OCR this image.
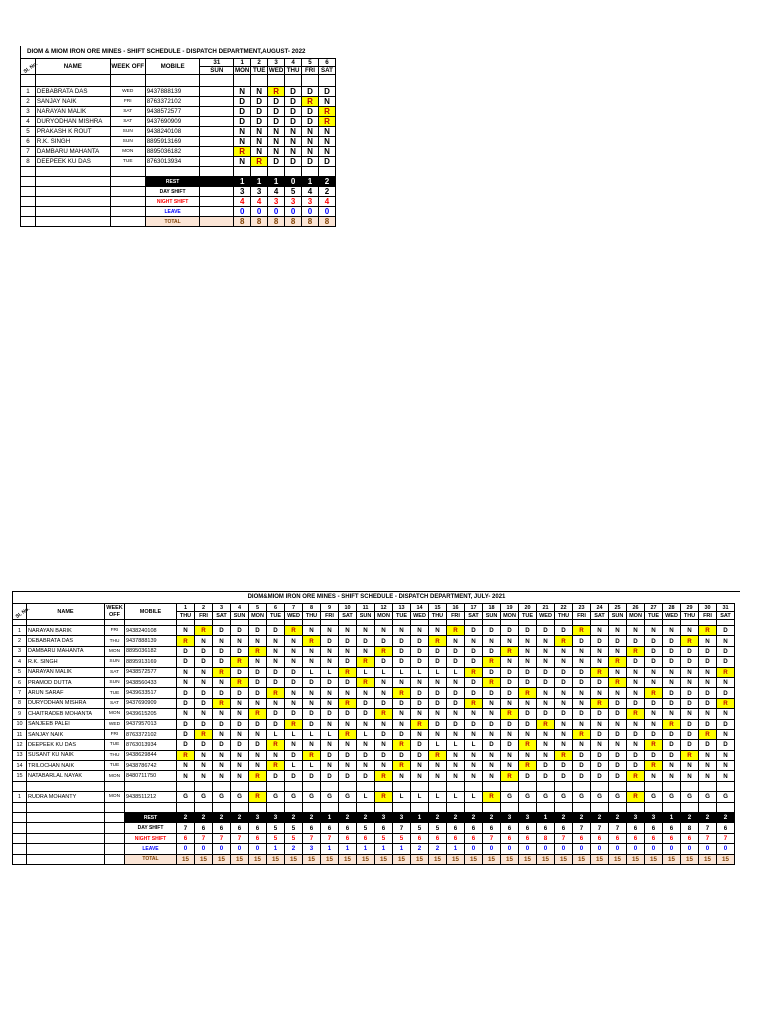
DIOM & MIOM IRON ORE MINES - SHIFT SCHEDULE - DISPATCH DEPARTMENT,AUGUST- 2022
Sl. No.	NAME	WEEK OFF	MOBILE	31	1	2	3	4	5	6
				SUN	MON	TUE	WED	THU	FRI	SAT

1	DEBABRATA DAS	WED	9437888139		N	N	R	D	D	D
2	SANJAY NAIK	FRI	8763372102		D	D	D	D	R	N
3	NARAYAN MALIK	SAT	9438572577		D	D	D	D	D	R
4	DURYODHAN MISHRA	SAT	9437690909		D	D	D	D	D	R
5	PRAKASH K ROUT	SUN	9438240108		N	N	N	N	N	N
6	R.K. SINGH	SUN	8895913169		N	N	N	N	N	N
7	DAMBARU MAHANTA	MON	8895036182		R	N	N	N	N	N
8	DEEPEEK KU DAS	TUE	8763013934		N	R	D	D	D	D

			REST		1	1	1	0	1	2
			DAY SHIFT		3	3	4	5	4	2
			NIGHT SHIFT		4	4	3	3	3	4
			LEAVE		0	0	0	0	0	0
			TOTAL		8	8	8	8	8	8
DIOM&MIOM IRON ORE MINES - SHIFT SCHEDULE - DISPATCH DEPARTMENT, JULY- 2021
Sl. No.	NAME	WEEK OFF	MOBILE	1	2	3	4	5	6	7	8	9	10	11	12	13	14	15	16	17	18	19	20	21	22	23	24	25	26	27	28	29	30	31
				THU	FRI	SAT	SUN	MON	TUE	WED	THU	FRI	SAT	SUN	MON	TUE	WED	THU	FRI	SAT	SUN	MON	TUE	WED	THU	FRI	SAT	SUN	MON	TUE	WED	THU	FRI	SAT

1	NARAYAN BARIK	FRI	9438240108	N	R	D	D	D	D	R	N	N	N	N	N	N	N	N	R	D	D	D	D	D	D	R	N	N	N	N	N	N	R	D
2	DEBABRATA DAS	THU	9437888139	R	N	N	N	N	N	N	R	D	D	D	D	D	D	R	N	N	N	N	N	N	R	D	D	D	D	D	D	R	N	N
3	DAMBARU MAHANTA	MON	8895036182	D	D	D	D	R	N	N	N	N	N	N	R	D	D	D	D	D	D	R	N	N	N	N	N	N	R	D	D	D	D	D
4	R.K. SINGH	SUN	8895913169	D	D	D	R	N	N	N	N	N	D	R	D	D	D	D	D	D	R	N	N	N	N	N	N	R	D	D	D	D	D	D
5	NARAYAN MALIK	SAT	9438572577	N	N	R	D	D	D	D	L	L	R	L	L	L	L	L	L	R	D	D	D	D	D	D	R	N	N	N	N	N	N	R
6	PRAMOD DUTTA	SUN	9438560433	N	N	N	R	D	D	D	D	D	D	R	N	N	N	N	N	D	R	D	D	D	D	D	D	R	N	N	N	N	N	N
7	ARUN SARAF	TUE	9439633517	D	D	D	D	D	R	N	N	N	N	N	N	R	D	D	D	D	D	D	R	N	N	N	N	N	N	R	D	D	D	D
8	DURYODHAN MISHRA	SAT	9437690909	D	D	R	N	N	N	N	N	N	R	D	D	D	D	D	D	R	N	N	N	N	N	N	R	D	D	D	D	D	D	R
9	CHAITRADEB MOHANTA	MON	9439615205	N	N	N	N	R	D	D	D	D	D	D	R	N	N	N	N	N	N	R	D	D	D	D	D	D	R	N	N	N	N	N
10	SANJEEB PALEI	WED	9437957013	D	D	D	D	D	D	R	D	N	N	N	N	N	R	D	D	D	D	D	D	R	N	N	N	N	N	N	R	D	D	D
11	SANJAY NAIK	FRI	8763372102	D	R	N	N	N	L	L	L	L	R	L	D	D	N	N	N	N	N	N	N	N	N	R	D	D	D	D	D	D	R	N
12	DEEPEEK KU DAS	TUE	8763013934	D	D	D	D	D	R	N	N	N	N	N	N	R	D	L	L	L	D	D	R	N	N	N	N	N	N	R	D	D	D	D
13	SUSANT KU NAIK	THU	9438629844	R	N	N	N	N	N	D	R	D	D	D	D	D	D	R	N	N	N	N	N	N	R	D	D	D	D	D	D	R	N	N
14	TRILOCHAN NAIK	TUE	9438786742	N	N	N	N	N	R	L	L	N	N	N	N	R	N	N	N	N	N	N	R	D	D	D	D	D	D	R	N	N	N	N
15	NATABARLAL NAYAK	MON	8480711750	N	N	N	N	R	D	D	D	D	D	D	R	N	N	N	N	N	N	R	D	D	D	D	D	D	R	N	N	N	N	N

1	RUDRA MOHANTY	MON	9438511212	G	G	G	G	R	G	G	G	G	G	L	R	L	L	L	L	L	R	G	G	G	G	G	G	G	R	G	G	G	G	G

			REST	2	2	2	2	3	3	2	2	1	2	2	3	3	1	2	2	2	2	3	3	1	2	2	2	2	3	3	1	2	2	2
			DAY SHIFT	7	6	6	6	6	5	5	6	6	6	5	6	7	5	5	6	6	6	6	6	6	6	7	7	7	6	6	6	8	7	6
			NIGHT SHIFT	6	7	7	7	6	5	5	7	7	6	6	5	5	6	6	6	6	7	6	6	8	7	6	6	6	6	6	6	6	7	7
			LEAVE	0	0	0	0	0	1	2	3	1	1	1	1	1	2	2	1	0	0	0	0	0	0	0	0	0	0	0	0	0	0	0
			TOTAL	15	15	15	15	15	15	15	15	15	15	15	15	15	15	15	15	15	15	15	15	15	15	15	15	15	15	15	15	15	15	15
